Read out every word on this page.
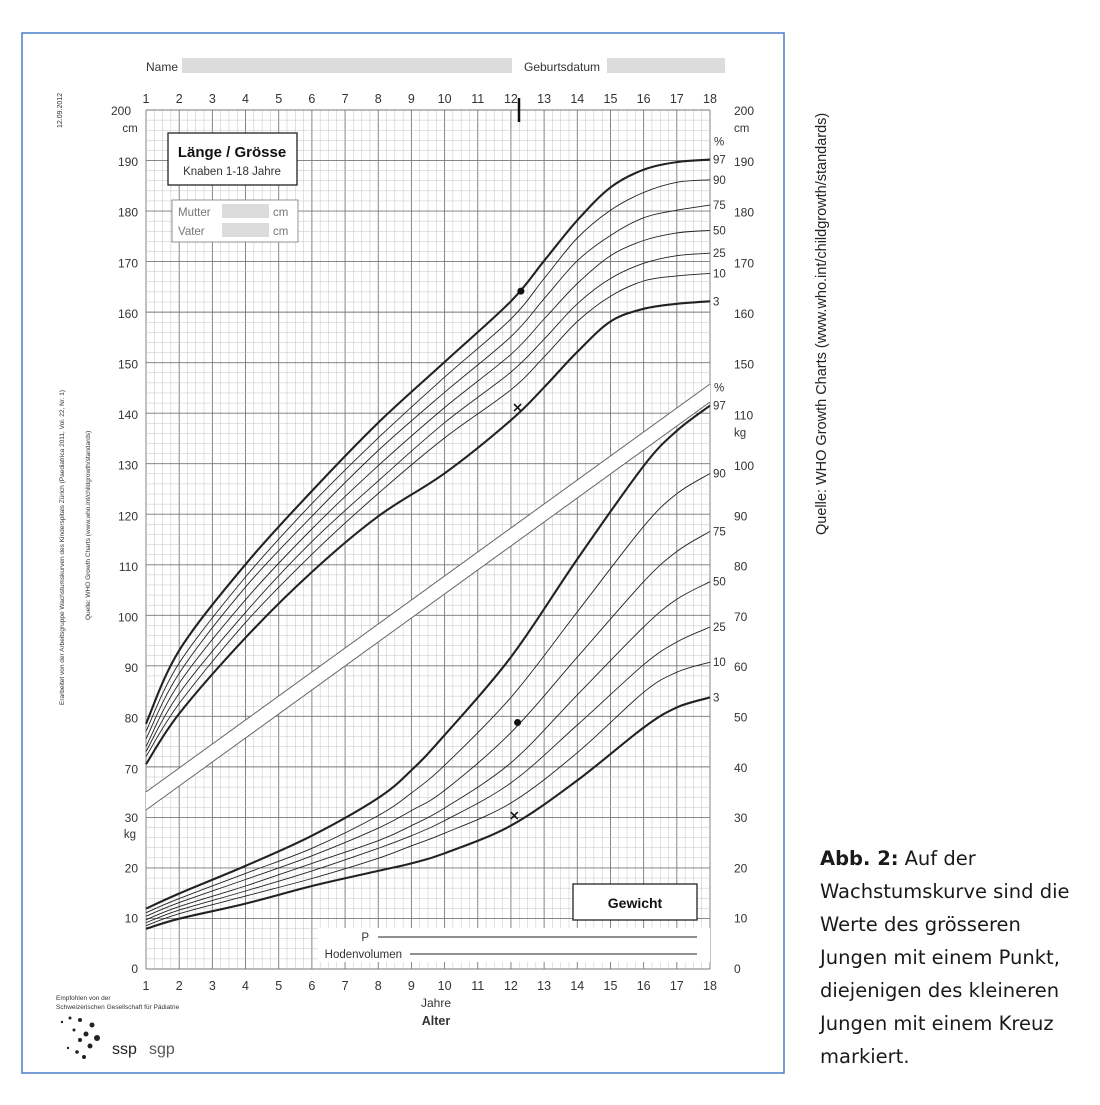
Name	Geburtsdatum
12.09.2012
Erarbeitet von der Arbeitsgruppe Wachstumskurven des Kinderspitals Zürich (Paediatrica 2011, Vol. 22, Nr. 1)	Quelle: WHO Growth Charts (www.who.int/childgrowth/standards)
1
1
2
2
3
3
4
4
5
5
6
6
7
7
8
8
9
9
10
10
11
11
12
12
13
13
14
14
15
15
16
16
17
17
18
18
Jahre
Alter
200
cm
70
80
90
100
110
120
130
140
150
160
170
180
190
0
10
20
30
kg
200
cm
150
160
170
180
190
0
10
20
30
40
50
60
70
80
90
100
110
kg
Länge / Grösse
Knaben 1-18 Jahre
Mutter	cm
Vater	cm
Gewicht
P
Hodenvolumen
Empfohlen von der
Schweizerischen Gesellschaft für Pädiatrie
ssp sgp
97
90
75
50
25
10
3
%
97
90
75
50
25
10
3
%	Quelle: WHO Growth Charts (www.who.int/childgrowth/standards)
Abb. 2: Auf der Wachstumskurve sind die Werte des grösseren Jungen mit einem Punkt, diejenigen des kleineren Jungen mit einem Kreuz markiert.
